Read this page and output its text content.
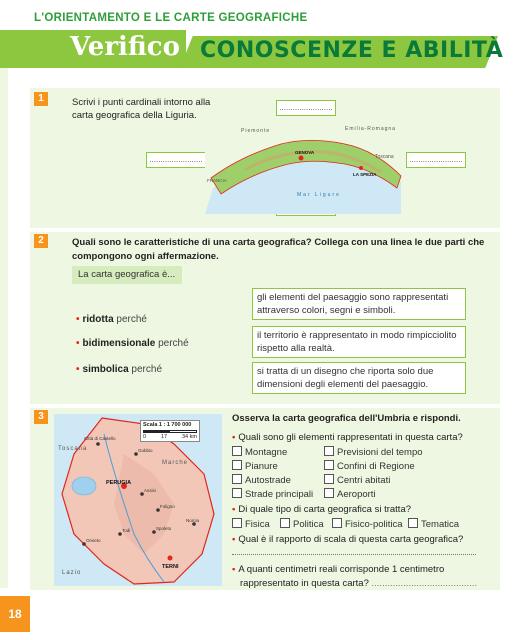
L'ORIENTAMENTO E LE CARTE GEOGRAFICHE
Verifico CONOSCENZE E ABILITÀ
1	Scrivi i punti cardinali intorno alla carta geografica della Liguria.
........................
........................	........................
Piemonte	Emilia-Romagna
Toscana
Mar Ligure
FRANCIA
GENOVA
LA SPEZIA
2	Quali sono le caratteristiche di una carta geografica? Collega con una linea le due parti che compongono ogni affermazione.
La carta geografica è...
• ridotta perché
• bidimensionale perché
• simbolica perché
gli elementi del paesaggio sono rappresentati attraverso colori, segni e simboli.
il territorio è rappresentato in modo rimpicciolito rispetto alla realtà.
si tratta di un disegno che riporta solo due dimensioni degli elementi del paesaggio.
3
Toscana
Marche
Lazio
PERUGIA
TERNI
Assisi
Foligno
Spoleto
Orvieto
Todi
Gubbio
Città di Castello
Norcia
Scala 1 : 1 700 000
0	17	34 km
Osserva la carta geografica dell'Umbria e rispondi.
• Quali sono gli elementi rappresentati in questa carta?
Montagne
Pianure
Autostrade
Strade principali
Previsioni del tempo
Confini di Regione
Centri abitati
Aeroporti
• Di quale tipo di carta geografica si tratta?
Fisica	Politica	Fisico-politica	Tematica
• Qual è il rapporto di scala di questa carta geografica?
• A quanti centimetri reali corrisponde 1 centimetro
rappresentato in questa carta? ........................................
18
